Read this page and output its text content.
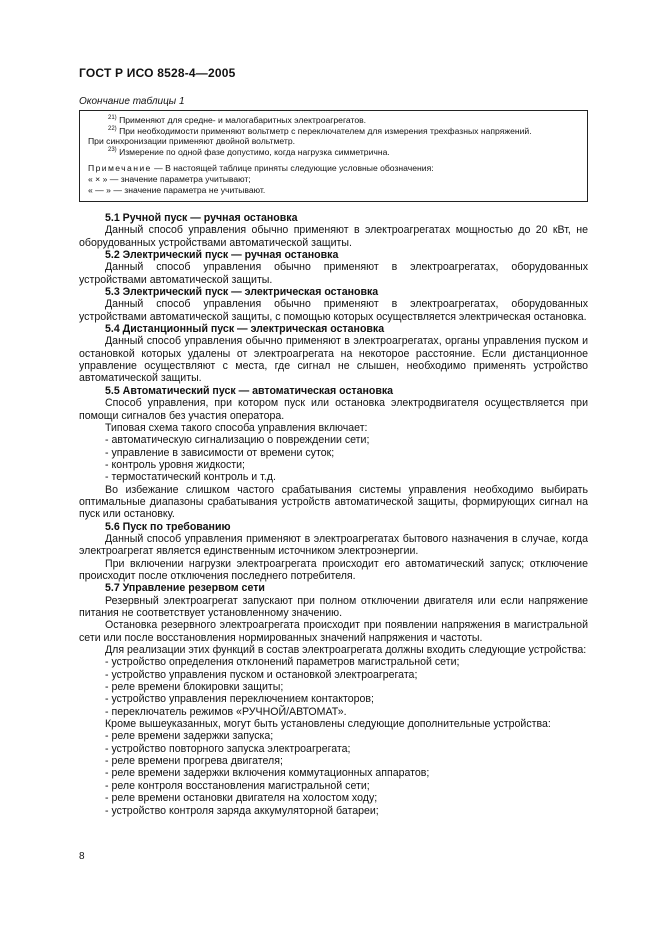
ГОСТ Р ИСО 8528-4—2005
Окончание таблицы 1
$^{21)}$ Применяют для средне- и малогабаритных электроагрегатов.
$^{22)}$ При необходимости применяют вольтметр с переключателем для измерения трехфазных напряжений.
При синхронизации применяют двойной вольтметр.
$^{23)}$ Измерение по одной фазе допустимо, когда нагрузка симметрична.
Примечание — В настоящей таблице приняты следующие условные обозначения:
« × » — значение параметра учитывают;
« — » — значение параметра не учитывают.
5.1 Ручной пуск — ручная остановка

Данный способ управления обычно применяют в электроагрегатах мощностью до 20 кВт, не оборудованных устройствами автоматической защиты.

5.2 Электрический пуск — ручная остановка

Данный способ управления обычно применяют в электроагрегатах, оборудованных устройствами автоматической защиты.

5.3 Электрический пуск — электрическая остановка

Данный способ управления обычно применяют в электроагрегатах, оборудованных устройствами автоматической защиты, с помощью которых осуществляется электрическая остановка.

5.4 Дистанционный пуск — электрическая остановка

Данный способ управления обычно применяют в электроагрегатах, органы управления пуском и остановкой которых удалены от электроагрегата на некоторое расстояние. Если дистанционное управление осуществляют с места, где сигнал не слышен, необходимо применять устройство автоматической защиты.

5.5 Автоматический пуск — автоматическая остановка

Способ управления, при котором пуск или остановка электродвигателя осуществляется при помощи сигналов без участия оператора.

Типовая схема такого способа управления включает:

- автоматическую сигнализацию о повреждении сети;
- управление в зависимости от времени суток;
- контроль уровня жидкости;
- термостатический контроль и т.д.

Во избежание слишком частого срабатывания системы управления необходимо выбирать оптимальные диапазоны срабатывания устройств автоматической защиты, формирующих сигнал на пуск или остановку.

5.6 Пуск по требованию

Данный способ управления применяют в электроагрегатах бытового назначения в случае, когда электроагрегат является единственным источником электроэнергии.

При включении нагрузки электроагрегата происходит его автоматический запуск; отключение происходит после отключения последнего потребителя.

5.7 Управление резервом сети

Резервный электроагрегат запускают при полном отключении двигателя или если напряжение питания не соответствует установленному значению.

Остановка резервного электроагрегата происходит при появлении напряжения в магистральной сети или после восстановления нормированных значений напряжения и частоты.

Для реализации этих функций в состав электроагрегата должны входить следующие устройства:

- устройство определения отклонений параметров магистральной сети;
- устройство управления пуском и остановкой электроагрегата;
- реле времени блокировки защиты;
- устройство управления переключением контакторов;
- переключатель режимов «РУЧНОЙ/АВТОМАТ».

Кроме вышеуказанных, могут быть установлены следующие дополнительные устройства:

- реле времени задержки запуска;
- устройство повторного запуска электроагрегата;
- реле времени прогрева двигателя;
- реле времени задержки включения коммутационных аппаратов;
- реле контроля восстановления магистральной сети;
- реле времени остановки двигателя на холостом ходу;
- устройство контроля заряда аккумуляторной батареи;
8
